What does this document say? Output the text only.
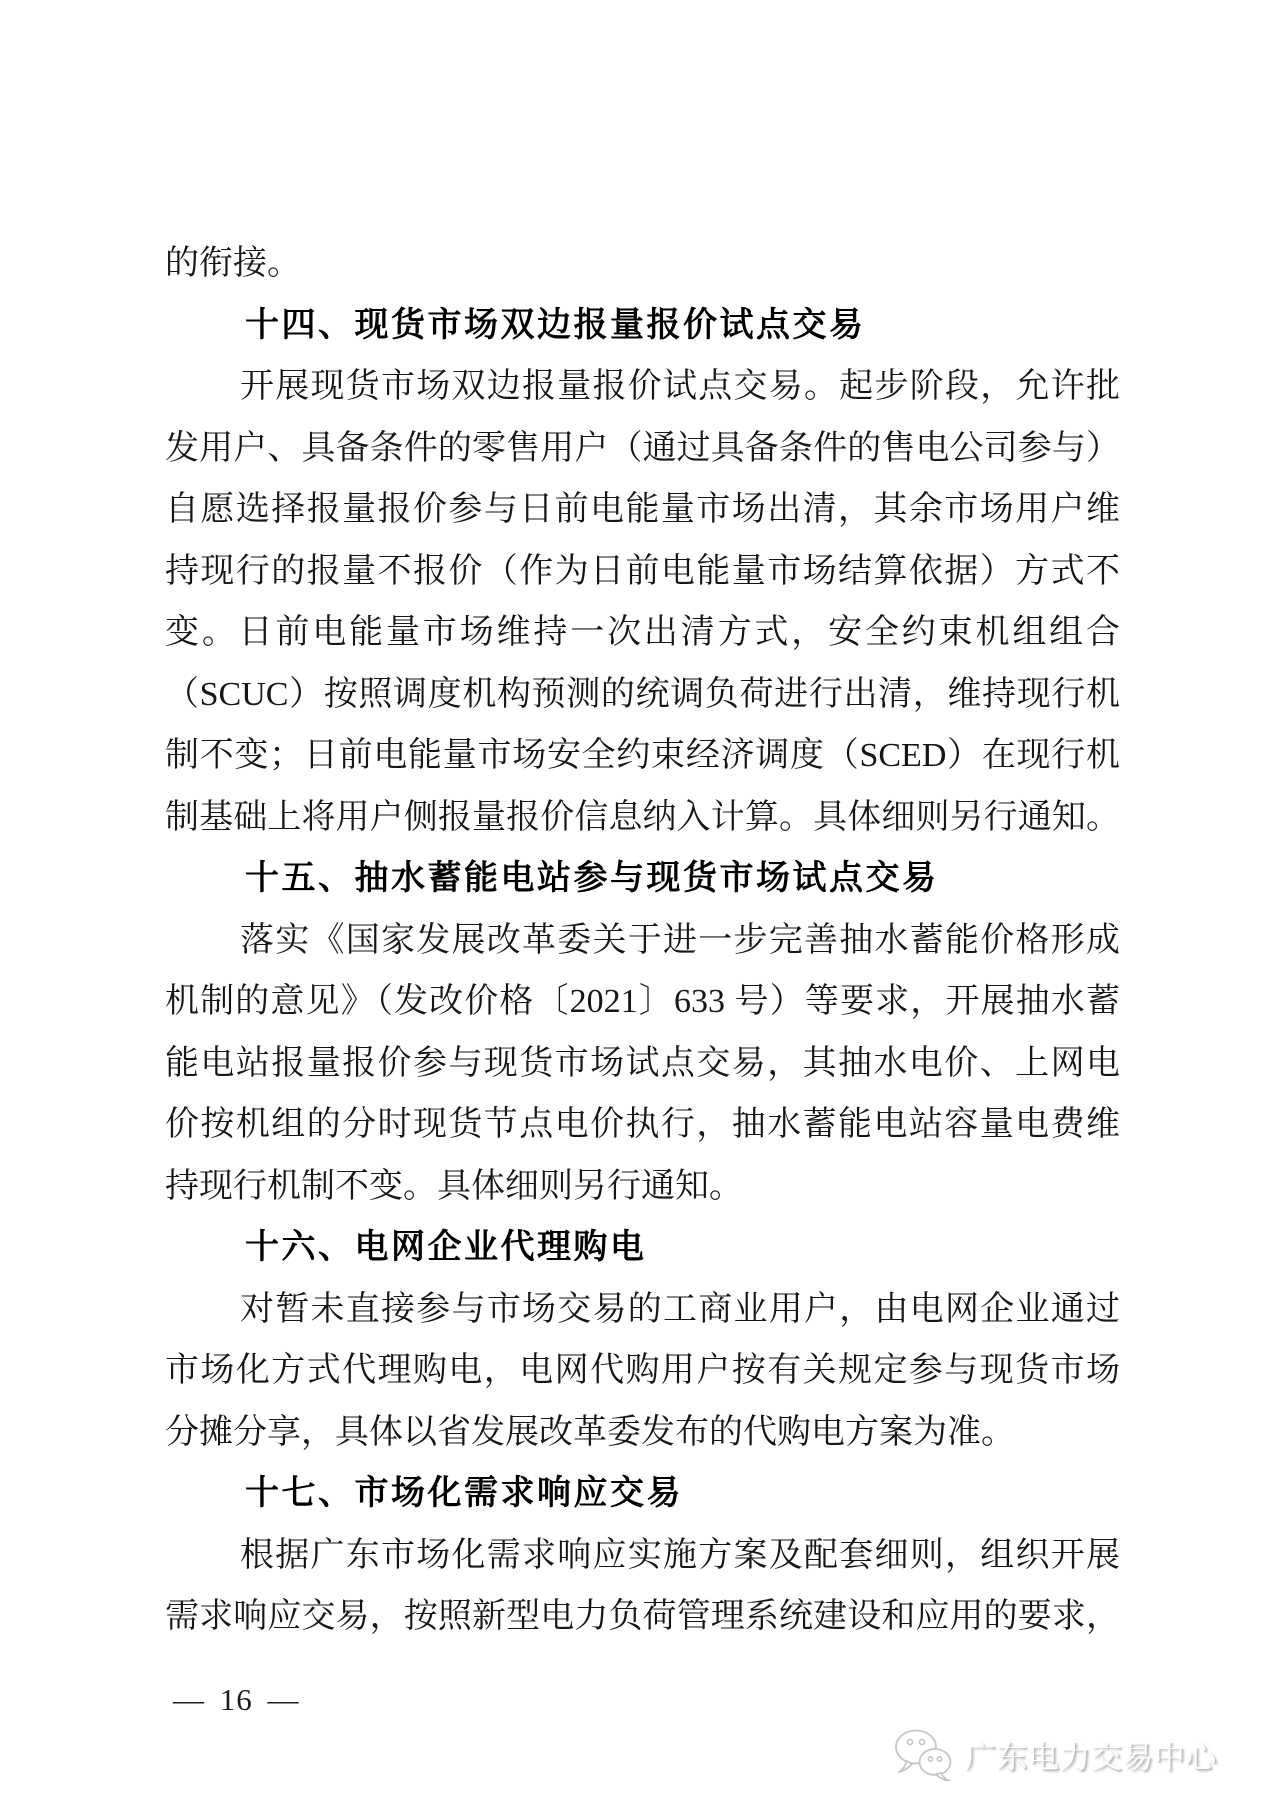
的衔接。
十四、现货市场双边报量报价试点交易
开展现货市场双边报量报价试点交易。起步阶段，允许批
发用户、具备条件的零售用户（通过具备条件的售电公司参与）
自愿选择报量报价参与日前电能量市场出清，其余市场用户维
持现行的报量不报价（作为日前电能量市场结算依据）方式不
变。日前电能量市场维持一次出清方式，安全约束机组组合
（SCUC）按照调度机构预测的统调负荷进行出清，维持现行机
制不变；日前电能量市场安全约束经济调度（SCED）在现行机
制基础上将用户侧报量报价信息纳入计算。具体细则另行通知。
十五、抽水蓄能电站参与现货市场试点交易
落实《国家发展改革委关于进一步完善抽水蓄能价格形成
机制的意见》（发改价格〔2021〕633 号）等要求，开展抽水蓄
能电站报量报价参与现货市场试点交易，其抽水电价、上网电
价按机组的分时现货节点电价执行，抽水蓄能电站容量电费维
持现行机制不变。具体细则另行通知。
十六、电网企业代理购电
对暂未直接参与市场交易的工商业用户，由电网企业通过
市场化方式代理购电，电网代购用户按有关规定参与现货市场
分摊分享，具体以省发展改革委发布的代购电方案为准。
十七、市场化需求响应交易
根据广东市场化需求响应实施方案及配套细则，组织开展
需求响应交易，按照新型电力负荷管理系统建设和应用的要求，
— 16 —
广东电力交易中心
